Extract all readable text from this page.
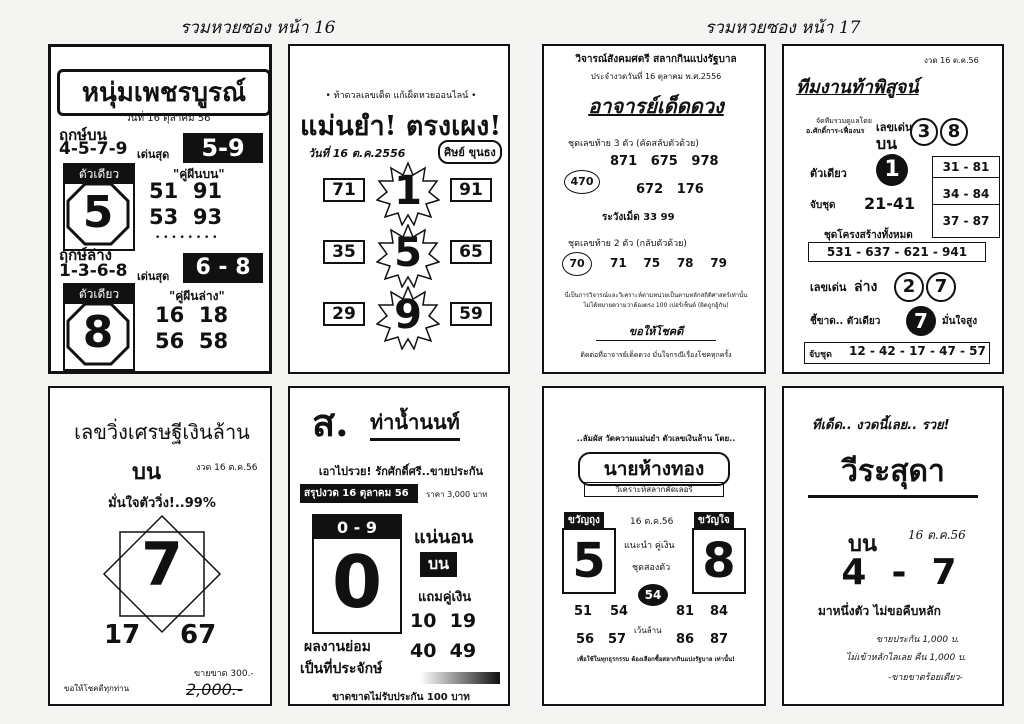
รวมหวยซอง หน้า 16	รวมหวยซอง หน้า 17
หนุ่มเพชรบูรณ์
วันที่ 16 ตุลาคม 56
ฤกษ์บน
4-5-7-9 เด่นสุด	5-9
ตัวเดียว
5
"คู่ผีนบน"
51  91
53  93
• • • • • • • •
ฤกษ์ล่าง
1-3-6-8 เด่นสุด	6 - 8
ตัวเดียว
8
"คู่ผีนล่าง"
16  18
56  58
• ท้าดวลเลขเด็ด แก้เผ็ดหวยออนไลน์ •
แม่นยำ! ตรงเผง!
วันที่ 16 ต.ค.2556	ศิษย์ ขุนธง
71 1	91
35 5	65
29 9	59
วิจารณ์สังคมศตรี สลากกินแบ่งรัฐบาล
ประจำงวดวันที่ 16 ตุลาคม พ.ศ.2556
อาจารย์เด็ดดวง
ชุดเลขท้าย 3 ตัว (คัดสลับตัวด้วย)
470
871   675   978
672   176
ระวังเม็ด 33 99
ชุดเลขท้าย 2 ตัว (กลับตัวด้วย)
70	71    75    78    79
นี่เป็นการวิจารณ์และวิเคราะห์ตามหน่วยเป็นตามหลักสถิติศาสตร์เท่านั้น
ไม่ได้หมายความว่าต้องตรง 100 เปอร์เซ็นต์ (ผิดถูกอู้กัน)
ขอให้โชคดี
ติดต่อที่อาจารย์เด็ดดวง มั่นใจกรณีเรื่องโชคทุกครั้ง
งวด 16 ต.ค.56
ทีมงานท้าพิสูจน์
จัดทีมรวมดูแลโดย
อ.ศักดิ์การ-เฟื่องนร เลขเด่น
บน
3 8
ตัวเดียว	1	31 - 81
34 - 84
37 - 87
จับชุด 21-41
ชุดโครงสร้างทั้งหมด
531 - 637 - 621 - 941
เลขเด่น ล่าง	2	7
ชี้ขาด.. ตัวเดียว	7	มั่นใจสูง
จับชุด 12 - 42 - 17 - 47 - 57
เลขวิ่งเศรษฐีเงินล้าน
บน	งวด 16 ต.ค.56
มั่นใจตัววิ่ง!..99%
7
17 67
ขอให้โชคดีทุกท่าน
ขายขาด 300.-
2,000.-
ส. ท่าน้ำนนท์
เอาไปรวย! รักศักดิ์ศรี..ขายประกัน
สรุปงวด 16 ตุลาคม 56	ราคา 3,000 บาท
0 - 9
0
แน่นอน
บน
แถมคู่เงิน
10  19
40  49
ผลงานย่อม
เป็นที่ประจักษ์
ขาดขาดไม่รับประกัน 100 บาท
..ลัมผัส วัดความแม่นยำ ตัวเลขเงินล้าน โดย..
นายห้างทอง
วิเคราะห์สลากคัดเลอรี่
ขวัญถุง	16 ต.ค.56	ขวัญใจ
5 8
แนะนำ คู่เงิน
ชุดสองตัว
54
51 54	81 84
เว้นล้าน
56 57	86 87
เพื่อใช้ในทุกธุรกรรม ต้องเลือกซื้อสลากกินแบ่งรัฐบาล เท่านั้น!
ทีเด็ด.. งวดนี้เลย.. รวย!
วีระสุดา
บน	16 ต.ค.56
4  -  7
มาหนึ่งตัว ไม่ขอคืบหลัก
ขายประกัน 1,000 บ.
ไม่เข้าหลักไลเลย คืน 1,000 บ.
-ขายขาดร้อยเดียว-
